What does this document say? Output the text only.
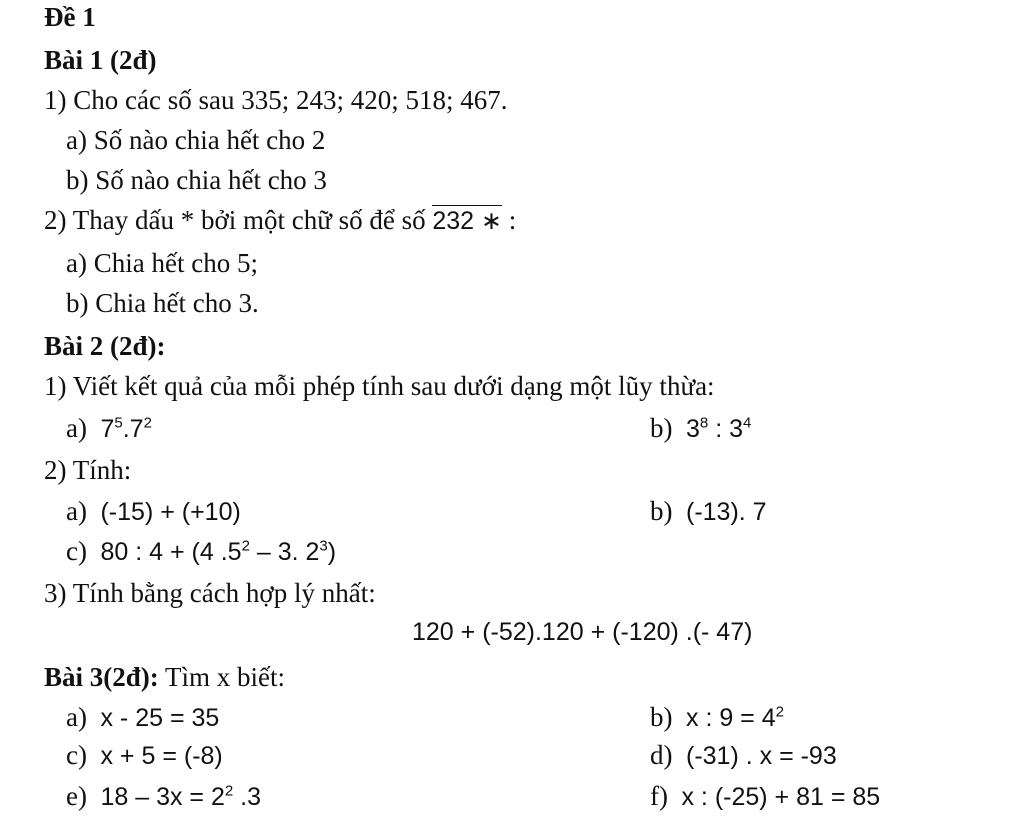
Đề 1
Bài 1 (2đ)
1) Cho các số sau 335; 243; 420; 518; 467.
a) Số nào chia hết cho 2
b) Số nào chia hết cho 3
2) Thay dấu * bởi một chữ số để số 232 ∗ :
a) Chia hết cho 5;
b) Chia hết cho 3.
Bài 2 (2đ):
1) Viết kết quả của mỗi phép tính sau dưới dạng một lũy thừa:
a) $7^5.7^2$	b) $3^8$ : $3^4$
2) Tính:
a) (-15) + (+10)	b) (-13). 7
c) 80 : 4 + (4 $.5^2 - 3$. $2^3$)
3) Tính bằng cách hợp lý nhất:
120 + (-52).120 + (-120) .(- 47)
Bài 3(2đ): Tìm x biết:
a) x - 25 = 35	b) x : $9 = 4^2$
c) x + 5 = (-8)	d) (-31) . x = -93
e) $18 - 3x = 2^2$ .3	f) x : (-25) + 81 = 85
